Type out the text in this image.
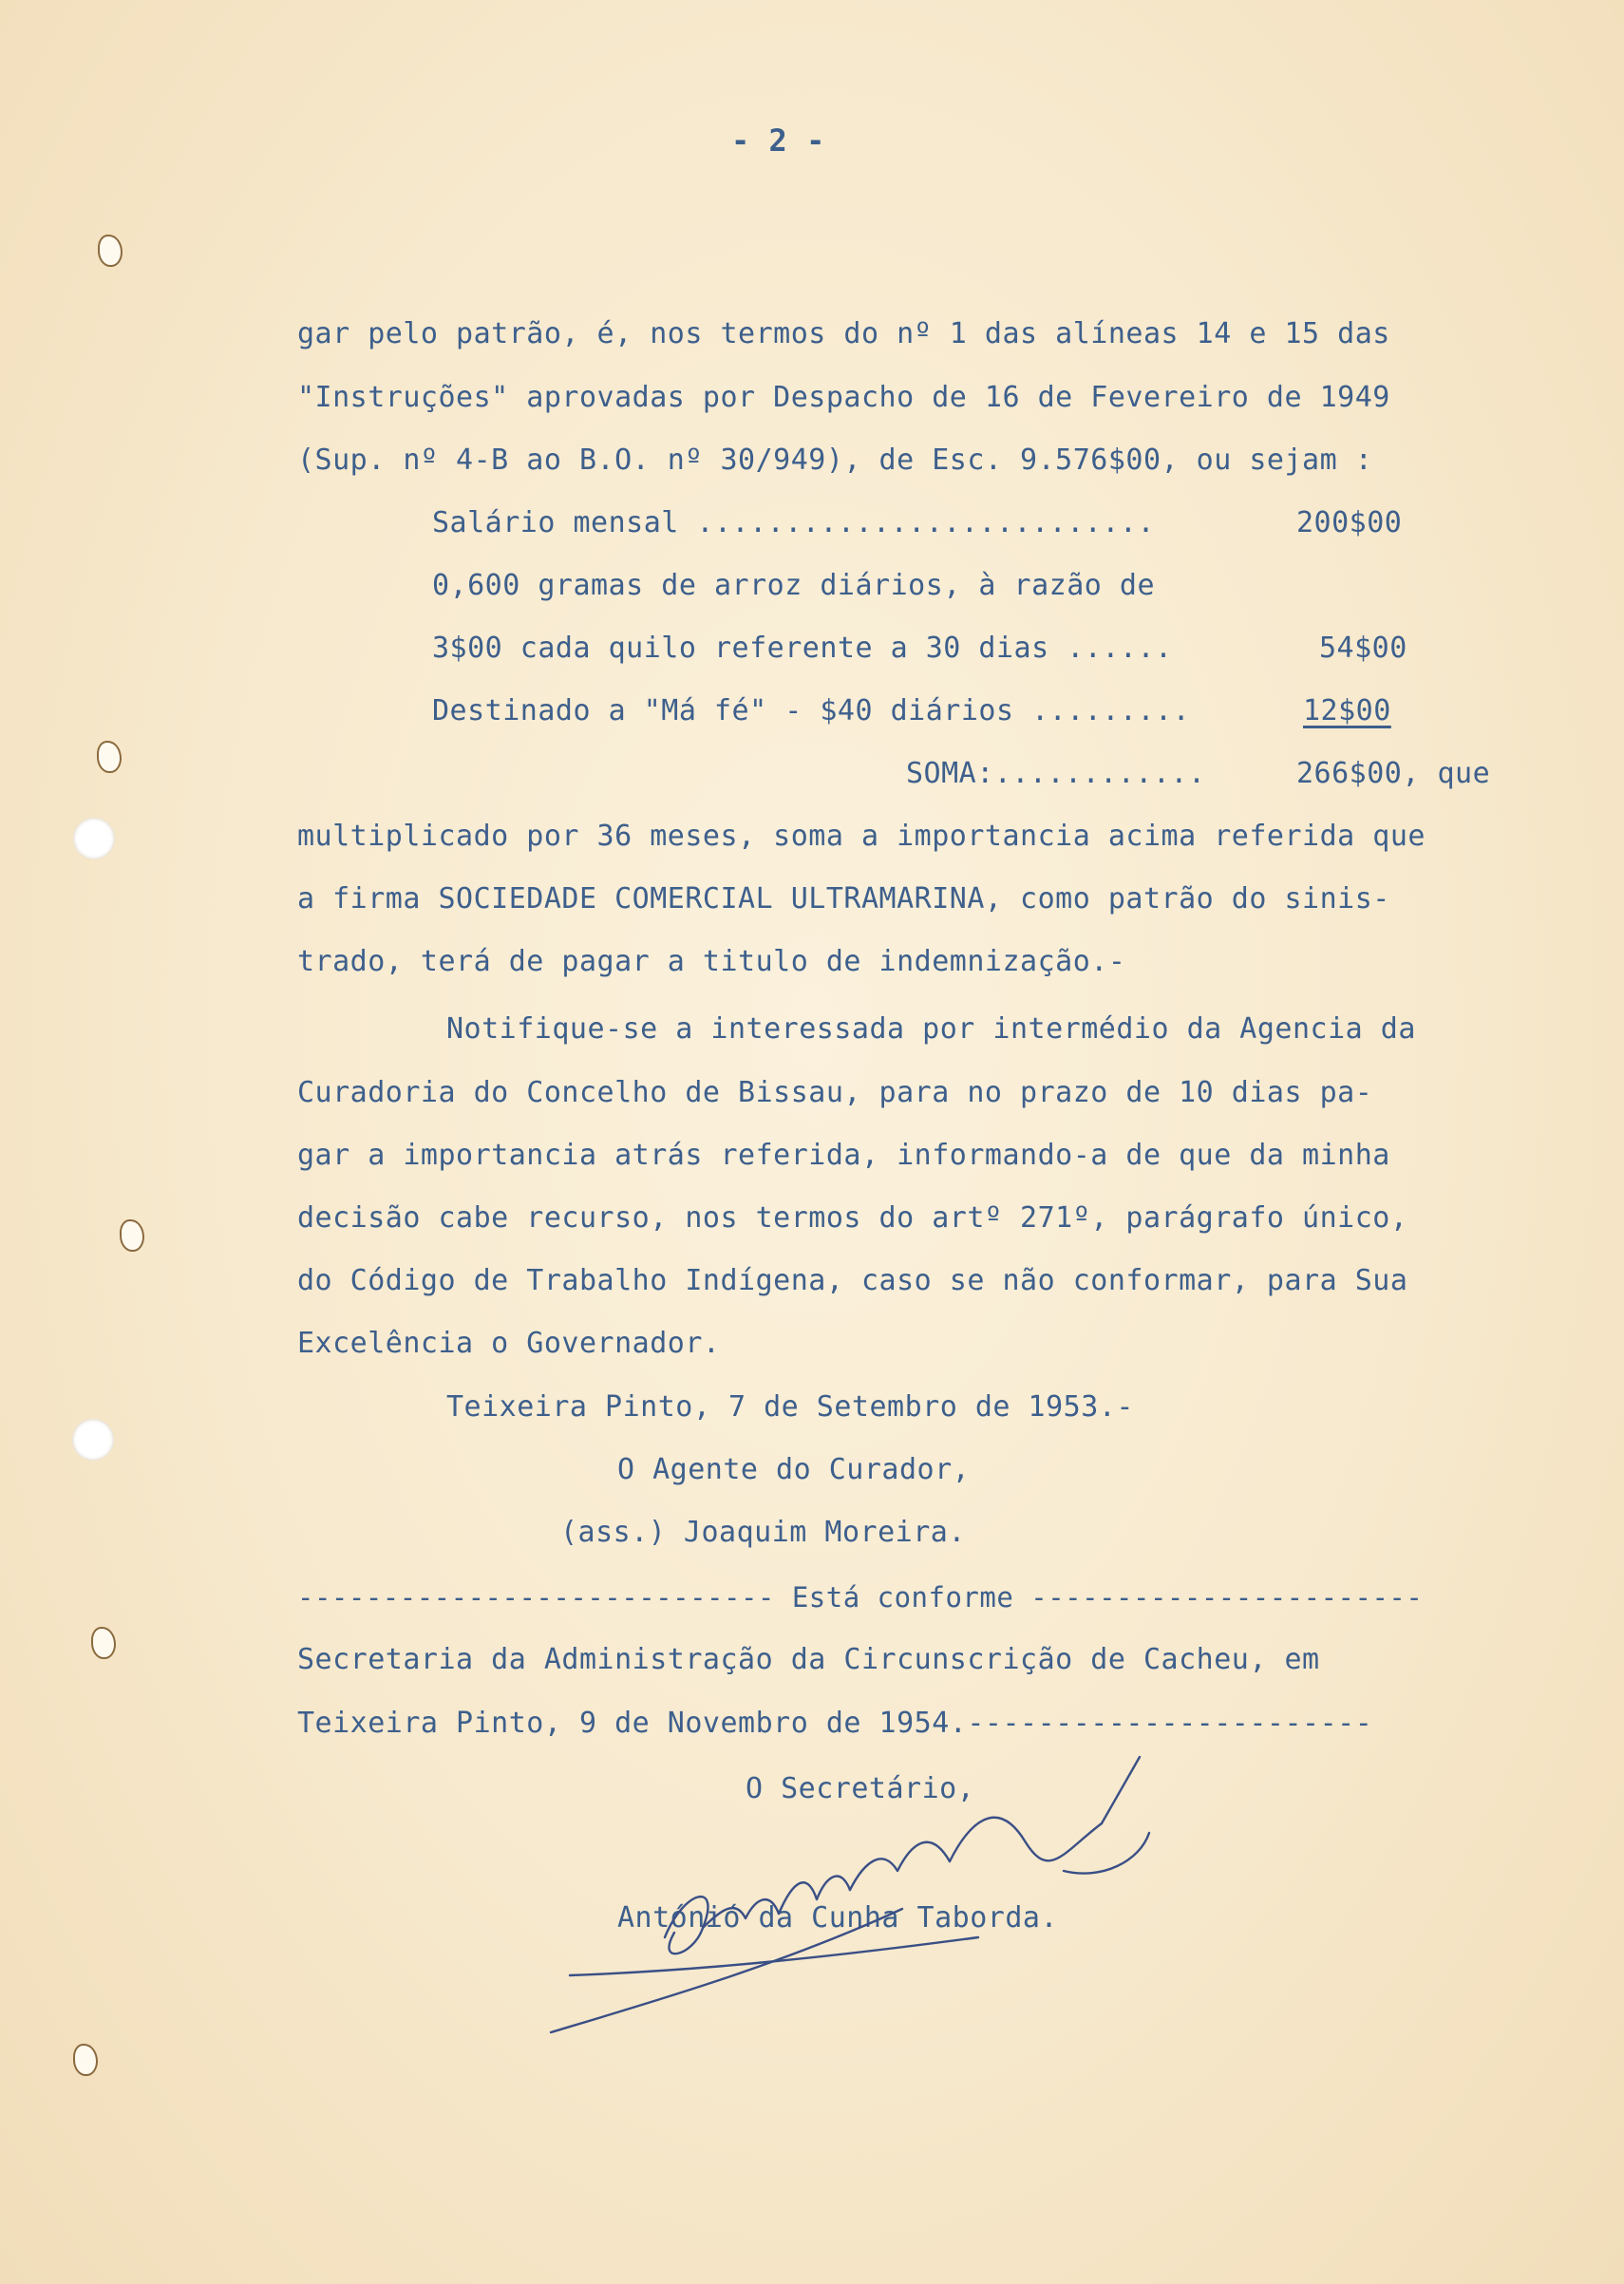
- 2 -
gar pelo patrão, é, nos termos do nº 1 das alíneas 14 e 15 das
"Instruções" aprovadas por Despacho de 16 de Fevereiro de 1949
(Sup. nº 4-B ao B.O. nº 30/949), de Esc. 9.576$00, ou sejam :
Salário mensal ..........................	200$00
0,600 gramas de arroz diários, à razão de
3$00 cada quilo referente a 30 dias ......	54$00
Destinado a "Má fé" - $40 diários .........	12$00
SOMA:............	266$00, que
multiplicado por 36 meses, soma a importancia acima referida que
a firma SOCIEDADE COMERCIAL ULTRAMARINA, como patrão do sinis-
trado, terá de pagar a titulo de indemnização.-
Notifique-se a interessada por intermédio da Agencia da
Curadoria do Concelho de Bissau, para no prazo de 10 dias pa-
gar a importancia atrás referida, informando-a de que da minha
decisão cabe recurso, nos termos do artº 271º, parágrafo único,
do Código de Trabalho Indígena, caso se não conformar, para Sua
Excelência o Governador.
Teixeira Pinto, 7 de Setembro de 1953.-
O Agente do Curador,
(ass.) Joaquim Moreira.
---------------------------- Está conforme -----------------------
Secretaria da Administração da Circunscrição de Cacheu, em
Teixeira Pinto, 9 de Novembro de 1954.-----------------------
O Secretário,
Antónió da Cunha Taborda.
